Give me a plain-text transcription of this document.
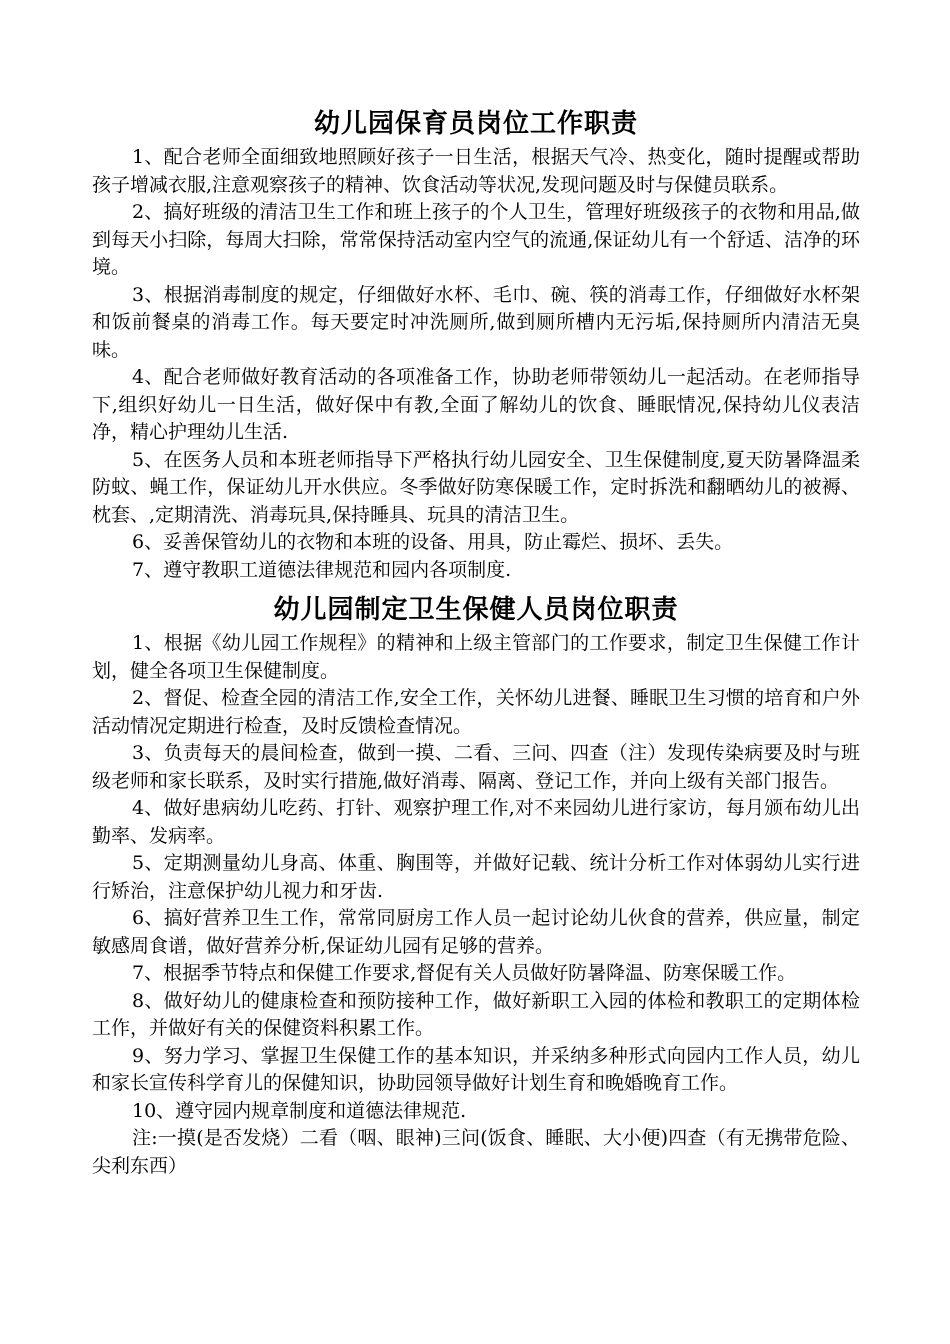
幼儿园保育员岗位工作职责

1、配合老师全面细致地照顾好孩子一日生活，根据天气冷、热变化，随时提醒或帮助孩子增减衣服,注意观察孩子的精神、饮食活动等状况,发现问题及时与保健员联系。

2、搞好班级的清洁卫生工作和班上孩子的个人卫生，管理好班级孩子的衣物和用品,做到每天小扫除，每周大扫除，常常保持活动室内空气的流通,保证幼儿有一个舒适、洁净的环境。

3、根据消毒制度的规定，仔细做好水杯、毛巾、碗、筷的消毒工作，仔细做好水杯架和饭前餐桌的消毒工作。每天要定时冲洗厕所,做到厕所槽内无污垢,保持厕所内清洁无臭味。

4、配合老师做好教育活动的各项准备工作，协助老师带领幼儿一起活动。在老师指导下,组织好幼儿一日生活，做好保中有教,全面了解幼儿的饮食、睡眠情况,保持幼儿仪表洁净，精心护理幼儿生活.

5、在医务人员和本班老师指导下严格执行幼儿园安全、卫生保健制度,夏天防暑降温柔防蚊、蝇工作，保证幼儿开水供应。冬季做好防寒保暖工作，定时拆洗和翻晒幼儿的被褥、枕套、,定期清洗、消毒玩具,保持睡具、玩具的清洁卫生。

6、妥善保管幼儿的衣物和本班的设备、用具，防止霉烂、损坏、丢失。

7、遵守教职工道德法律规范和园内各项制度.

幼儿园制定卫生保健人员岗位职责

1、根据《幼儿园工作规程》的精神和上级主管部门的工作要求，制定卫生保健工作计划，健全各项卫生保健制度。

2、督促、检查全园的清洁工作,安全工作，关怀幼儿进餐、睡眠卫生习惯的培育和户外活动情况定期进行检查，及时反馈检查情况。

3、负责每天的晨间检查，做到一摸、二看、三问、四查（注）发现传染病要及时与班级老师和家长联系，及时实行措施,做好消毒、隔离、登记工作，并向上级有关部门报告。

4、做好患病幼儿吃药、打针、观察护理工作,对不来园幼儿进行家访，每月颁布幼儿出勤率、发病率。

5、定期测量幼儿身高、体重、胸围等，并做好记载、统计分析工作对体弱幼儿实行进行矫治，注意保护幼儿视力和牙齿.

6、搞好营养卫生工作，常常同厨房工作人员一起讨论幼儿伙食的营养，供应量，制定敏感周食谱，做好营养分析,保证幼儿园有足够的营养。

7、根据季节特点和保健工作要求,督促有关人员做好防暑降温、防寒保暖工作。

8、做好幼儿的健康检查和预防接种工作，做好新职工入园的体检和教职工的定期体检工作，并做好有关的保健资料积累工作。

9、努力学习、掌握卫生保健工作的基本知识，并采纳多种形式向园内工作人员，幼儿和家长宣传科学育儿的保健知识，协助园领导做好计划生育和晚婚晚育工作。

10、遵守园内规章制度和道德法律规范.

注:一摸(是否发烧）二看（咽、眼神)三问(饭食、睡眠、大小便)四查（有无携带危险、尖利东西）
